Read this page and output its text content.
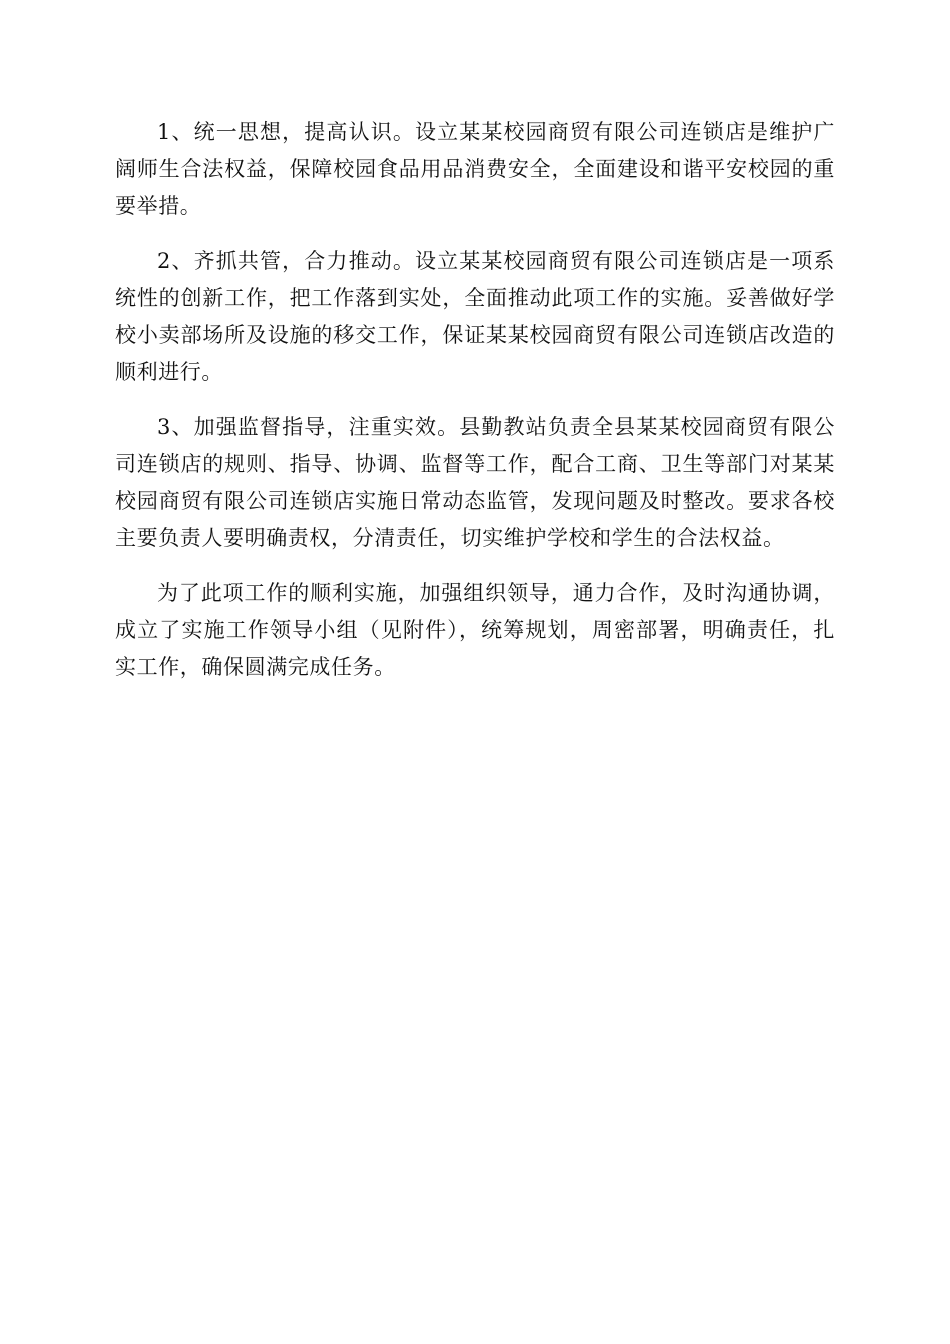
1、统一思想，提高认识。设立某某校园商贸有限公司连锁店是维护广阔师生合法权益，保障校园食品用品消费安全，全面建设和谐平安校园的重要举措。

2、齐抓共管，合力推动。设立某某校园商贸有限公司连锁店是一项系统性的创新工作，把工作落到实处，全面推动此项工作的实施。妥善做好学校小卖部场所及设施的移交工作，保证某某校园商贸有限公司连锁店改造的顺利进行。

3、加强监督指导，注重实效。县勤教站负责全县某某校园商贸有限公司连锁店的规则、指导、协调、监督等工作，配合工商、卫生等部门对某某校园商贸有限公司连锁店实施日常动态监管，发现问题及时整改。要求各校主要负责人要明确责权，分清责任，切实维护学校和学生的合法权益。

为了此项工作的顺利实施，加强组织领导，通力合作，及时沟通协调，成立了实施工作领导小组（见附件），统筹规划，周密部署，明确责任，扎实工作，确保圆满完成任务。
